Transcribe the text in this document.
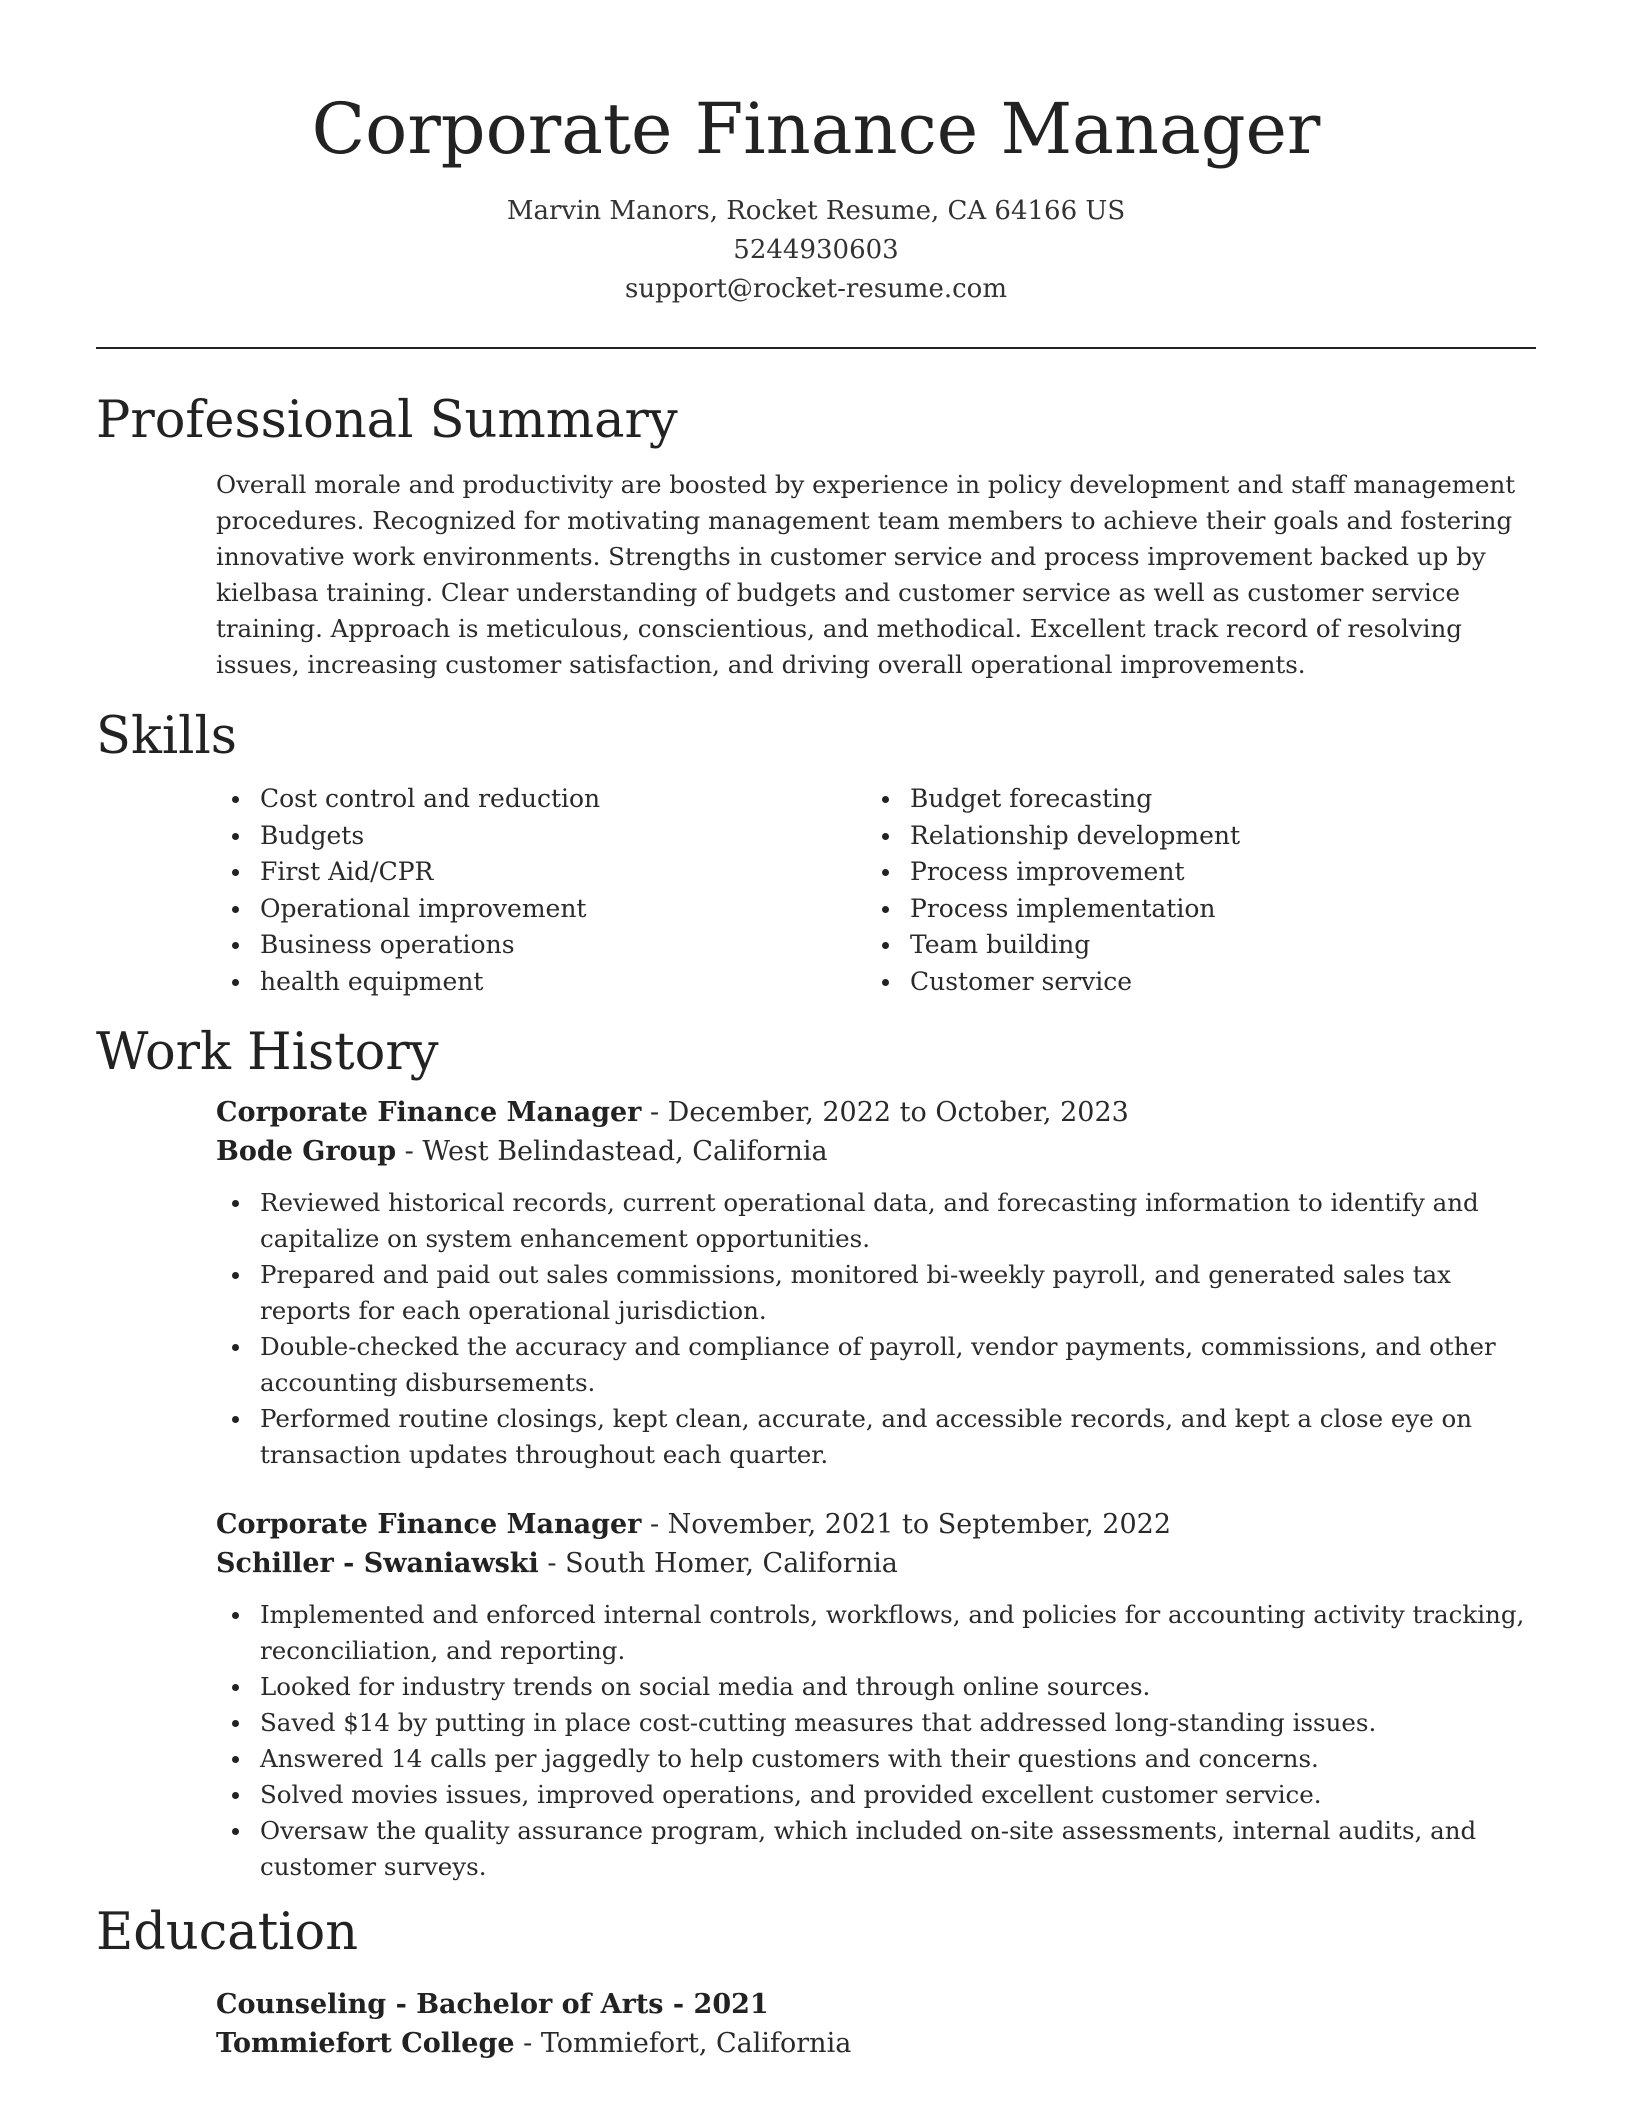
Corporate Finance Manager
Marvin Manors, Rocket Resume, CA 64166 US
5244930603
support@rocket-resume.com
Professional Summary

Overall morale and productivity are boosted by experience in policy development and staff management procedures. Recognized for motivating management team members to achieve their goals and fostering innovative work environments. Strengths in customer service and process improvement backed up by kielbasa training. Clear understanding of budgets and customer service as well as customer service training. Approach is meticulous, conscientious, and methodical. Excellent track record of resolving issues, increasing customer satisfaction, and driving overall operational improvements.

Skills
Cost control and reduction
Budgets
First Aid/CPR
Operational improvement
Business operations
health equipment
Budget forecasting
Relationship development
Process improvement
Process implementation
Team building
Customer service
Work History
Corporate Finance Manager - December, 2022 to October, 2023
Bode Group - West Belindastead, California
Reviewed historical records, current operational data, and forecasting information to identify and capitalize on system enhancement opportunities.
Prepared and paid out sales commissions, monitored bi-weekly payroll, and generated sales tax reports for each operational jurisdiction.
Double-checked the accuracy and compliance of payroll, vendor payments, commissions, and other accounting disbursements.
Performed routine closings, kept clean, accurate, and accessible records, and kept a close eye on transaction updates throughout each quarter.
Corporate Finance Manager - November, 2021 to September, 2022
Schiller - Swaniawski - South Homer, California
Implemented and enforced internal controls, workflows, and policies for accounting activity tracking, reconciliation, and reporting.
Looked for industry trends on social media and through online sources.
Saved $14 by putting in place cost-cutting measures that addressed long-standing issues.
Answered 14 calls per jaggedly to help customers with their questions and concerns.
Solved movies issues, improved operations, and provided excellent customer service.
Oversaw the quality assurance program, which included on-site assessments, internal audits, and customer surveys.
Education
Counseling - Bachelor of Arts - 2021
Tommiefort College - Tommiefort, California
